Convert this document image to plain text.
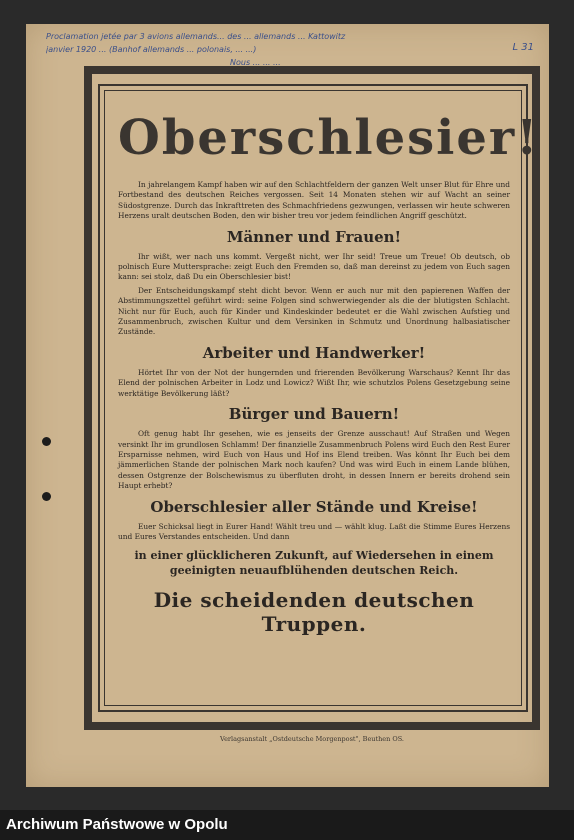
Proclamation jetée par 3 avions allemands... des ... allemands ... Kattowitz
janvier 1920 ... (Banhof allemands ... polonais, ... ...)
Nous ... ... ...
L 31
Oberschlesier!

In jahrelangem Kampf haben wir auf den Schlachtfeldern der ganzen Welt unser Blut für Ehre und Fortbestand des deutschen Reiches vergossen. Seit 14 Monaten stehen wir auf Wacht an seiner Südostgrenze. Durch das Inkrafttreten des Schmachfriedens gezwungen, verlassen wir heute schweren Herzens uralt deutschen Boden, den wir bisher treu vor jedem feindlichen Angriff geschützt.

Männer und Frauen!

Ihr wißt, wer nach uns kommt. Vergeßt nicht, wer Ihr seid! Treue um Treue! Ob deutsch, ob polnisch Eure Muttersprache: zeigt Euch den Fremden so, daß man dereinst zu jedem von Euch sagen kann: sei stolz, daß Du ein Oberschlesier bist!

Der Entscheidungskampf steht dicht bevor. Wenn er auch nur mit den papierenen Waffen der Abstimmungszettel geführt wird: seine Folgen sind schwerwiegender als die der blutigsten Schlacht. Nicht nur für Euch, auch für Kinder und Kindeskinder bedeutet er die Wahl zwischen Aufstieg und Zusammenbruch, zwischen Kultur und dem Versinken in Schmutz und Unordnung halbasiatischer Zustände.

Arbeiter und Handwerker!

Hörtet Ihr von der Not der hungernden und frierenden Bevölkerung Warschaus? Kennt Ihr das Elend der polnischen Arbeiter in Lodz und Lowicz? Wißt Ihr, wie schutzlos Polens Gesetzgebung seine werktätige Bevölkerung läßt?

Bürger und Bauern!

Oft genug habt Ihr gesehen, wie es jenseits der Grenze ausschaut! Auf Straßen und Wegen versinkt Ihr im grundlosen Schlamm! Der finanzielle Zusammenbruch Polens wird Euch den Rest Eurer Ersparnisse nehmen, wird Euch von Haus und Hof ins Elend treiben. Was könnt Ihr Euch bei dem jämmerlichen Stande der polnischen Mark noch kaufen? Und was wird Euch in einem Lande blühen, dessen Ostgrenze der Bolschewismus zu überfluten droht, in dessen Innern er bereits drohend sein Haupt erhebt?

Oberschlesier aller Stände und Kreise!

Euer Schicksal liegt in Eurer Hand! Wählt treu und — wählt klug. Laßt die Stimme Eures Herzens und Eures Verstandes entscheiden. Und dann

in einer glücklicheren Zukunft, auf Wiedersehen in einem geeinigten neuaufblühenden deutschen Reich.

Die scheidenden deutschen Truppen.
Verlagsanstalt „Ostdeutsche Morgenpost", Beuthen OS.
Archiwum Państwowe w Opolu
